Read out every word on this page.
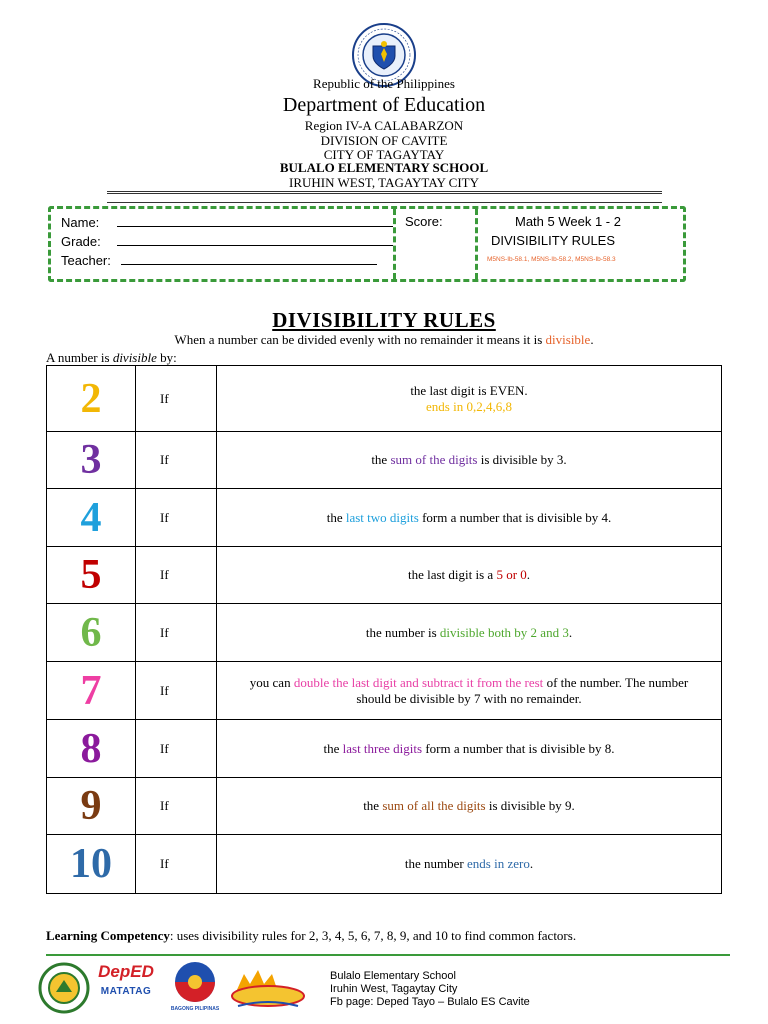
Republic of the Philippines
Department of Education
Region IV-A CALABARZON
DIVISION OF CAVITE
CITY OF TAGAYTAY
BULALO ELEMENTARY SCHOOL
IRUHIN WEST, TAGAYTAY CITY
Name:
Grade:
Teacher:
Score:	Math 5 Week 1 - 2
DIVISIBILITY RULES
M5NS-Ib-58.1, M5NS-Ib-58.2, M5NS-Ib-58.3
DIVISIBILITY RULES
When a number can be divided evenly with no remainder it means it is divisible.
A number is divisible by:
2	If	the last digit is EVEN.
ends in 0,2,4,6,8
3	If	the sum of the digits is divisible by 3.
4	If	the last two digits form a number that is divisible by 4.
5	If	the last digit is a 5 or 0.
6	If	the number is divisible both by 2 and 3.
7	If	you can double the last digit and subtract it from the rest of the number. The number should be divisible by 7 with no remainder.
8	If	the last three digits form a number that is divisible by 8.
9	If	the sum of all the digits is divisible by 9.
10	If	the number ends in zero.
Learning Competency: uses divisibility rules for 2, 3, 4, 5, 6, 7, 8, 9, and 10 to find common factors.
DepED
MATATAG
BAGONG PILIPINAS
Bulalo Elementary School
Iruhin West, Tagaytay City
Fb page: Deped Tayo – Bulalo ES Cavite
